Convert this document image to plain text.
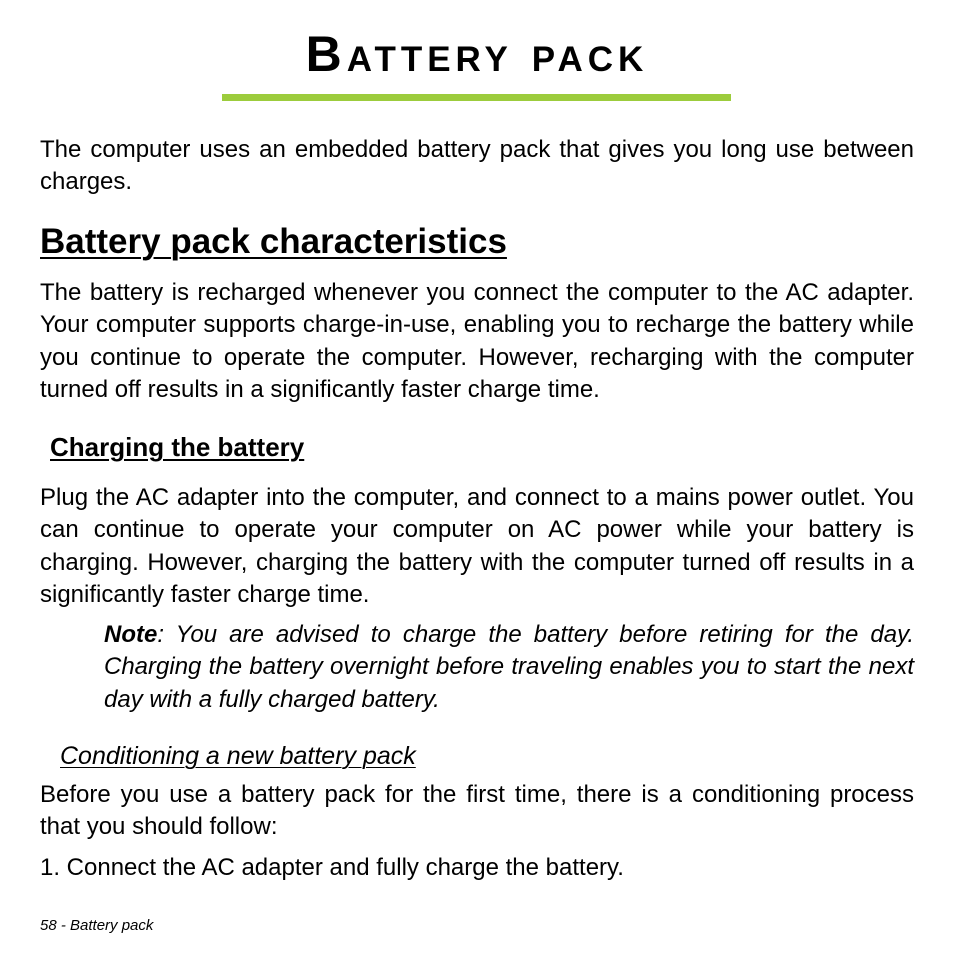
Battery pack

The computer uses an embedded battery pack that gives you long use between charges.

Battery pack characteristics

The battery is recharged whenever you connect the computer to the AC adapter. Your computer supports charge-in-use, enabling you to recharge the battery while you continue to operate the computer. However, recharging with the computer turned off results in a significantly faster charge time.

Charging the battery

Plug the AC adapter into the computer, and connect to a mains power outlet. You can continue to operate your computer on AC power while your battery is charging. However, charging the battery with the computer turned off results in a significantly faster charge time.

Note: You are advised to charge the battery before retiring for the day. Charging the battery overnight before traveling enables you to start the next day with a fully charged battery.

Conditioning a new battery pack

Before you use a battery pack for the first time, there is a conditioning process that you should follow:

1. Connect the AC adapter and fully charge the battery.

58 - Battery pack
